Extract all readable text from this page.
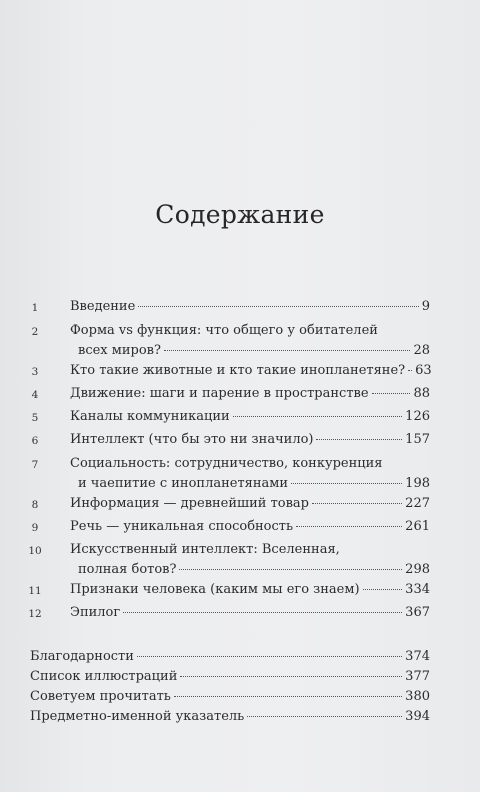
Содержание
1	Введение	9
2	Форма vs функция: что общего у обитателей
всех миров?	28
3	Кто такие животные и кто такие инопланетяне? 63
4	Движение: шаги и парение в пространстве	88
5	Каналы коммуникации	126
6	Интеллект (что бы это ни значило)	157
7	Социальность: сотрудничество, конкуренция
и чаепитие с инопланетянами	198
8	Информация — древнейший товар	227
9	Речь — уникальная способность	261
10	Искусственный интеллект: Вселенная,
полная ботов?	298
11	Признаки человека (каким мы его знаем)	334
12	Эпилог	367
Благодарности	374
Список иллюстраций	377
Советуем прочитать	380
Предметно-именной указатель	394
